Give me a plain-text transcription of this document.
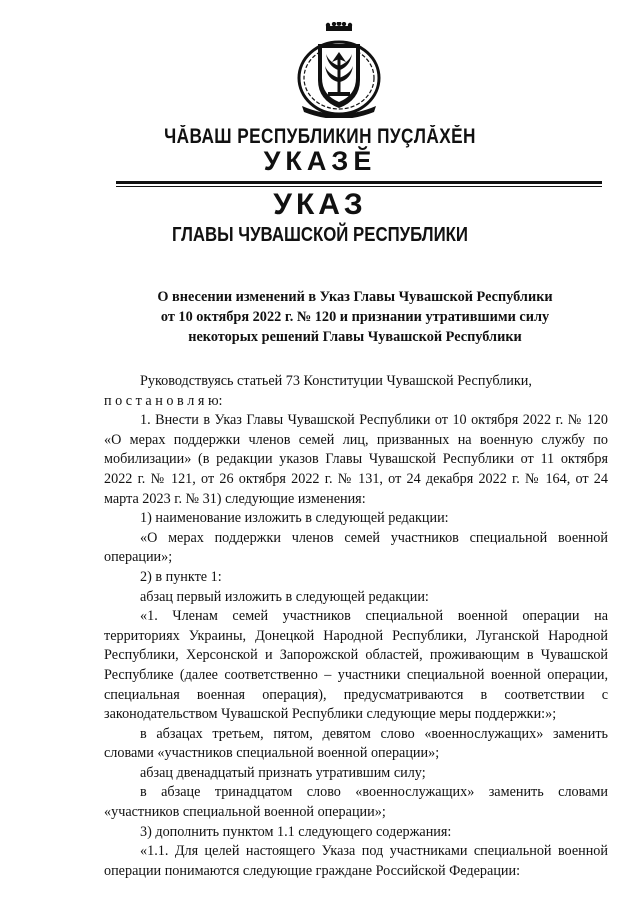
ЧĂВАШ РЕСПУБЛИКИН ПУÇЛĂХĔН
УКАЗĔ
УКАЗ
ГЛАВЫ ЧУВАШСКОЙ РЕСПУБЛИКИ
О внесении изменений в Указ Главы Чувашской Республики
от 10 октября 2022 г. № 120 и признании утратившими силу
некоторых решений Главы Чувашской Республики

Руководствуясь статьей 73 Конституции Чувашской Республики,

п о с т а н о в л я ю:

1. Внести в Указ Главы Чувашской Республики от 10 октября 2022 г. № 120 «О мерах поддержки членов семей лиц, призванных на военную службу по мобилизации» (в редакции указов Главы Чувашской Республики от 11 октября 2022 г. № 121, от 26 октября 2022 г. № 131, от 24 декабря 2022 г. № 164, от 24 марта 2023 г. № 31) следующие изменения:

1) наименование изложить в следующей редакции:

«О мерах поддержки членов семей участников специальной военной операции»;

2) в пункте 1:

абзац первый изложить в следующей редакции:

«1. Членам семей участников специальной военной операции на территориях Украины, Донецкой Народной Республики, Луганской Народной Республики, Херсонской и Запорожской областей, проживающим в Чувашской Республике (далее соответственно – участники специальной военной операции, специальная военная операция), предусматриваются в соответствии с законодательством Чувашской Республики следующие меры поддержки:»;

в абзацах третьем, пятом, девятом слово «военнослужащих» заменить словами «участников специальной военной операции»;

абзац двенадцатый признать утратившим силу;

в абзаце тринадцатом слово «военнослужащих» заменить словами «участников специальной военной операции»;

3) дополнить пунктом 1.1 следующего содержания:

«1.1. Для целей настоящего Указа под участниками специальной военной операции понимаются следующие граждане Российской Федерации:
